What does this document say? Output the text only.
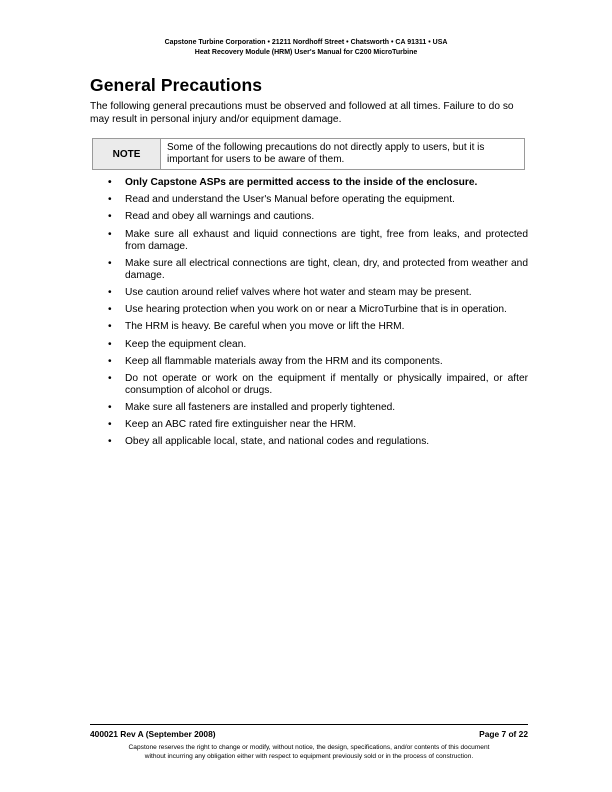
Capstone Turbine Corporation • 21211 Nordhoff Street • Chatsworth • CA 91311 • USA
Heat Recovery Module (HRM) User's Manual for C200 MicroTurbine
General Precautions

The following general precautions must be observed and followed at all times. Failure to do so may result in personal injury and/or equipment damage.

NOTE
Some of the following precautions do not directly apply to users, but it is important for users to be aware of them.
• Only Capstone ASPs are permitted access to the inside of the enclosure.
• Read and understand the User's Manual before operating the equipment.
• Read and obey all warnings and cautions.
• Make sure all exhaust and liquid connections are tight, free from leaks, and protected from damage.
• Make sure all electrical connections are tight, clean, dry, and protected from weather and damage.
• Use caution around relief valves where hot water and steam may be present.
• Use hearing protection when you work on or near a MicroTurbine that is in operation.
• The HRM is heavy. Be careful when you move or lift the HRM.
• Keep the equipment clean.
• Keep all flammable materials away from the HRM and its components.
• Do not operate or work on the equipment if mentally or physically impaired, or after consumption of alcohol or drugs.
• Make sure all fasteners are installed and properly tightened.
• Keep an ABC rated fire extinguisher near the HRM.
• Obey all applicable local, state, and national codes and regulations.
400021 Rev A (September 2008)	Page 7 of 22
Capstone reserves the right to change or modify, without notice, the design, specifications, and/or contents of this document
without incurring any obligation either with respect to equipment previously sold or in the process of construction.
